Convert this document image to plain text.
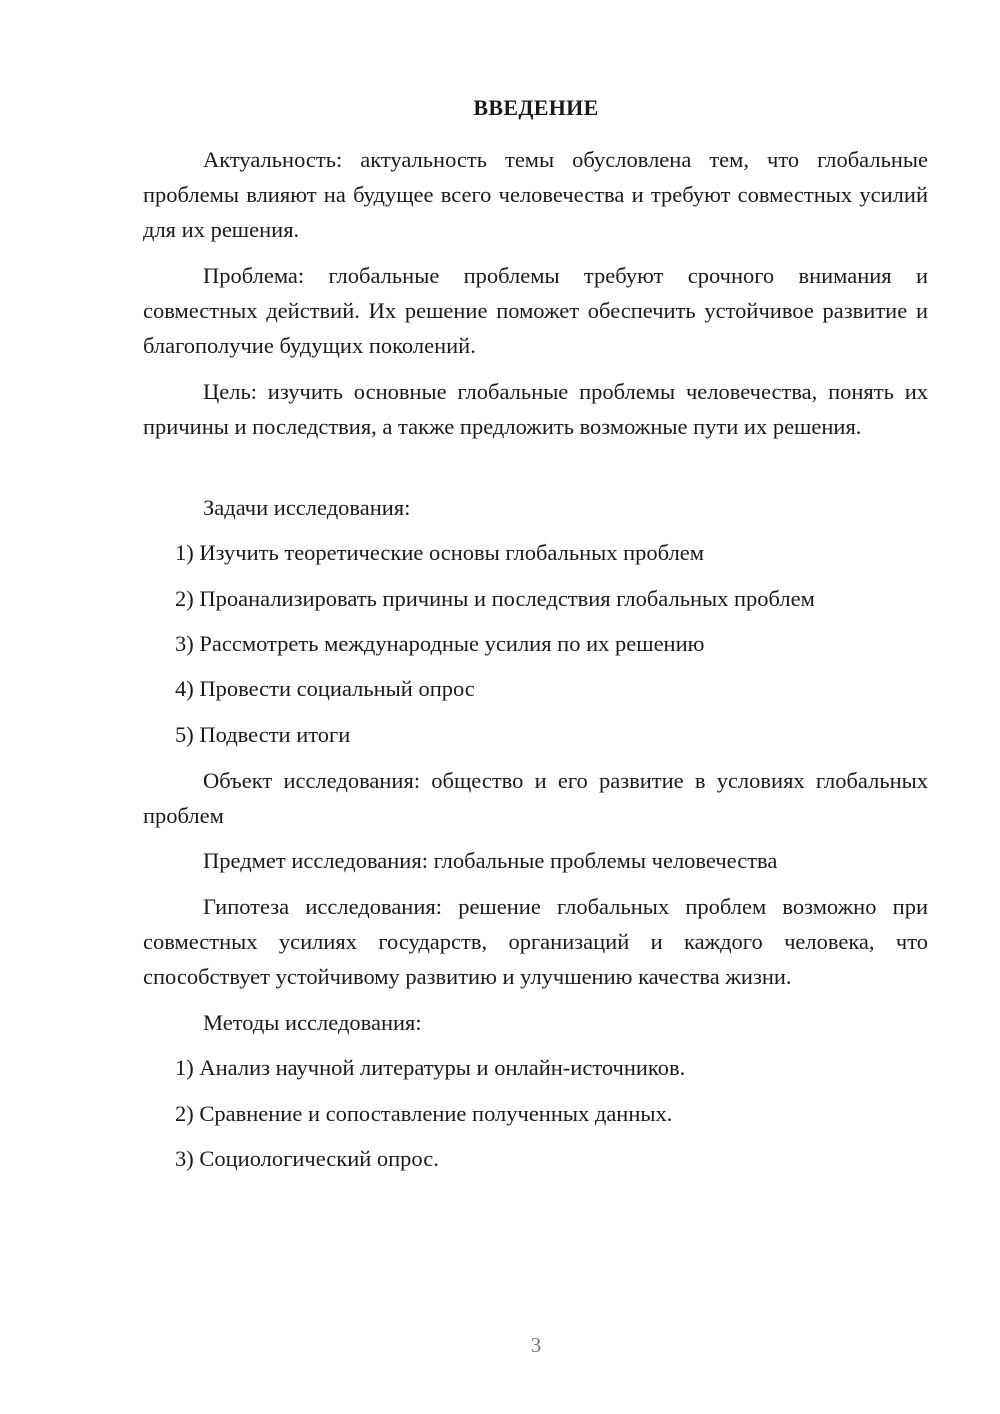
ВВЕДЕНИЕ

Актуальность: актуальность темы обусловлена тем, что глобальные проблемы влияют на будущее всего человечества и требуют совместных усилий для их решения.

Проблема: глобальные проблемы требуют срочного внимания и совместных действий. Их решение поможет обеспечить устойчивое развитие и благополучие будущих поколений.

Цель: изучить основные глобальные проблемы человечества, понять их причины и последствия, а также предложить возможные пути их решения.

Задачи исследования:

1) Изучить теоретические основы глобальных проблем

2) Проанализировать причины и последствия глобальных проблем

3) Рассмотреть международные усилия по их решению

4) Провести социальный опрос

5) Подвести итоги

Объект исследования: общество и его развитие в условиях глобальных проблем

Предмет исследования: глобальные проблемы человечества

Гипотеза исследования: решение глобальных проблем возможно при совместных усилиях государств, организаций и каждого человека, что способствует устойчивому развитию и улучшению качества жизни.

Методы исследования:

1) Анализ научной литературы и онлайн-источников.

2) Сравнение и сопоставление полученных данных.

3) Социологический опрос.

3
